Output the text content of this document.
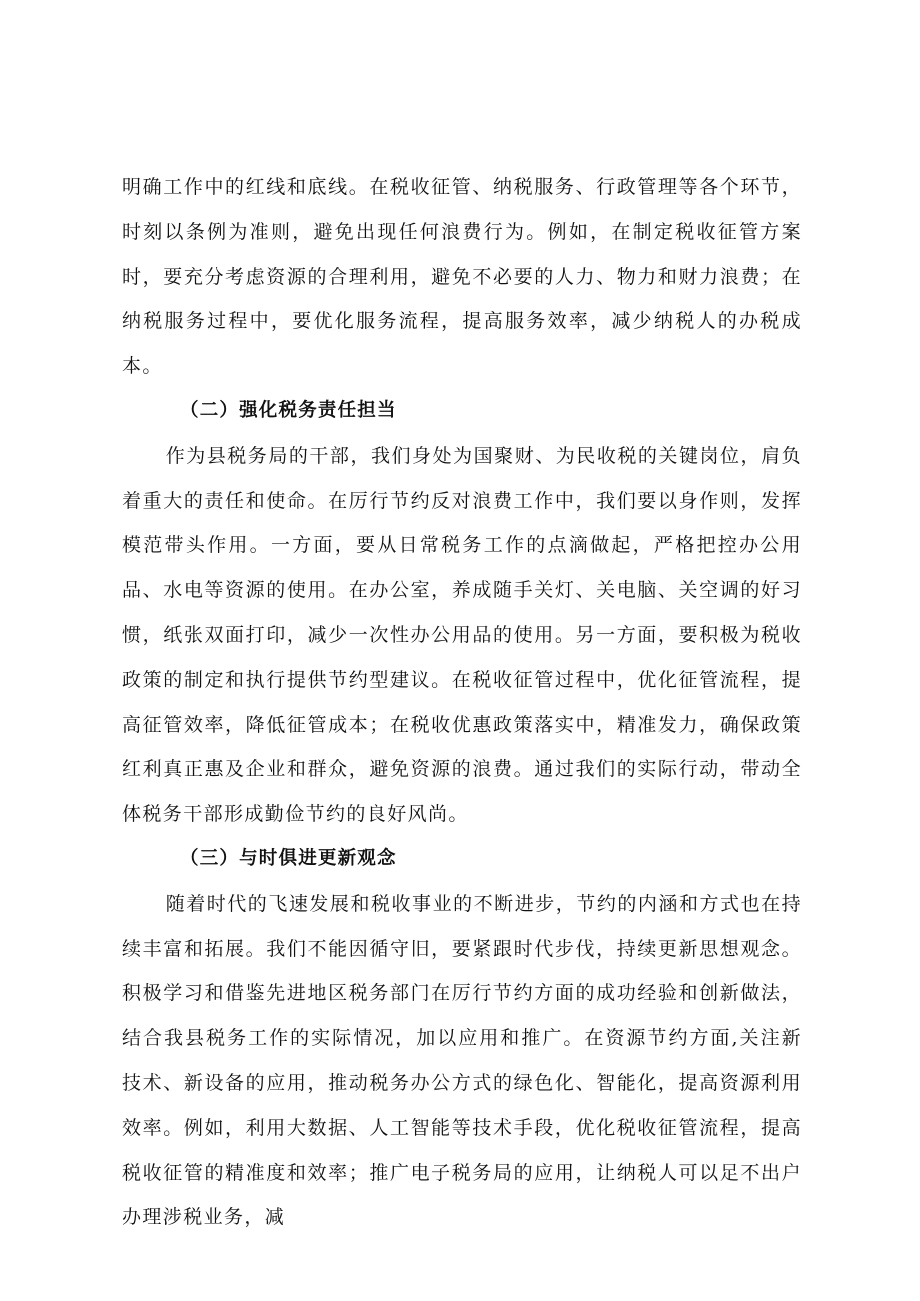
明确工作中的红线和底线。在税收征管、纳税服务、行政管理等各个环节，时刻以条例为准则，避免出现任何浪费行为。例如，在制定税收征管方案时，要充分考虑资源的合理利用，避免不必要的人力、物力和财力浪费；在纳税服务过程中，要优化服务流程，提高服务效率，减少纳税人的办税成本。

（二）强化税务责任担当

作为县税务局的干部，我们身处为国聚财、为民收税的关键岗位，肩负着重大的责任和使命。在厉行节约反对浪费工作中，我们要以身作则，发挥模范带头作用。一方面，要从日常税务工作的点滴做起，严格把控办公用品、水电等资源的使用。在办公室，养成随手关灯、关电脑、关空调的好习惯，纸张双面打印，减少一次性办公用品的使用。另一方面，要积极为税收政策的制定和执行提供节约型建议。在税收征管过程中，优化征管流程，提高征管效率，降低征管成本；在税收优惠政策落实中，精准发力，确保政策红利真正惠及企业和群众，避免资源的浪费。通过我们的实际行动，带动全体税务干部形成勤俭节约的良好风尚。

（三）与时俱进更新观念

随着时代的飞速发展和税收事业的不断进步，节约的内涵和方式也在持续丰富和拓展。我们不能因循守旧，要紧跟时代步伐，持续更新思想观念。积极学习和借鉴先进地区税务部门在厉行节约方面的成功经验和创新做法，结合我县税务工作的实际情况，加以应用和推广。在资源节约方面,关注新技术、新设备的应用，推动税务办公方式的绿色化、智能化，提高资源利用效率。例如，利用大数据、人工智能等技术手段，优化税收征管流程，提高税收征管的精准度和效率；推广电子税务局的应用，让纳税人可以足不出户办理涉税业务，减
